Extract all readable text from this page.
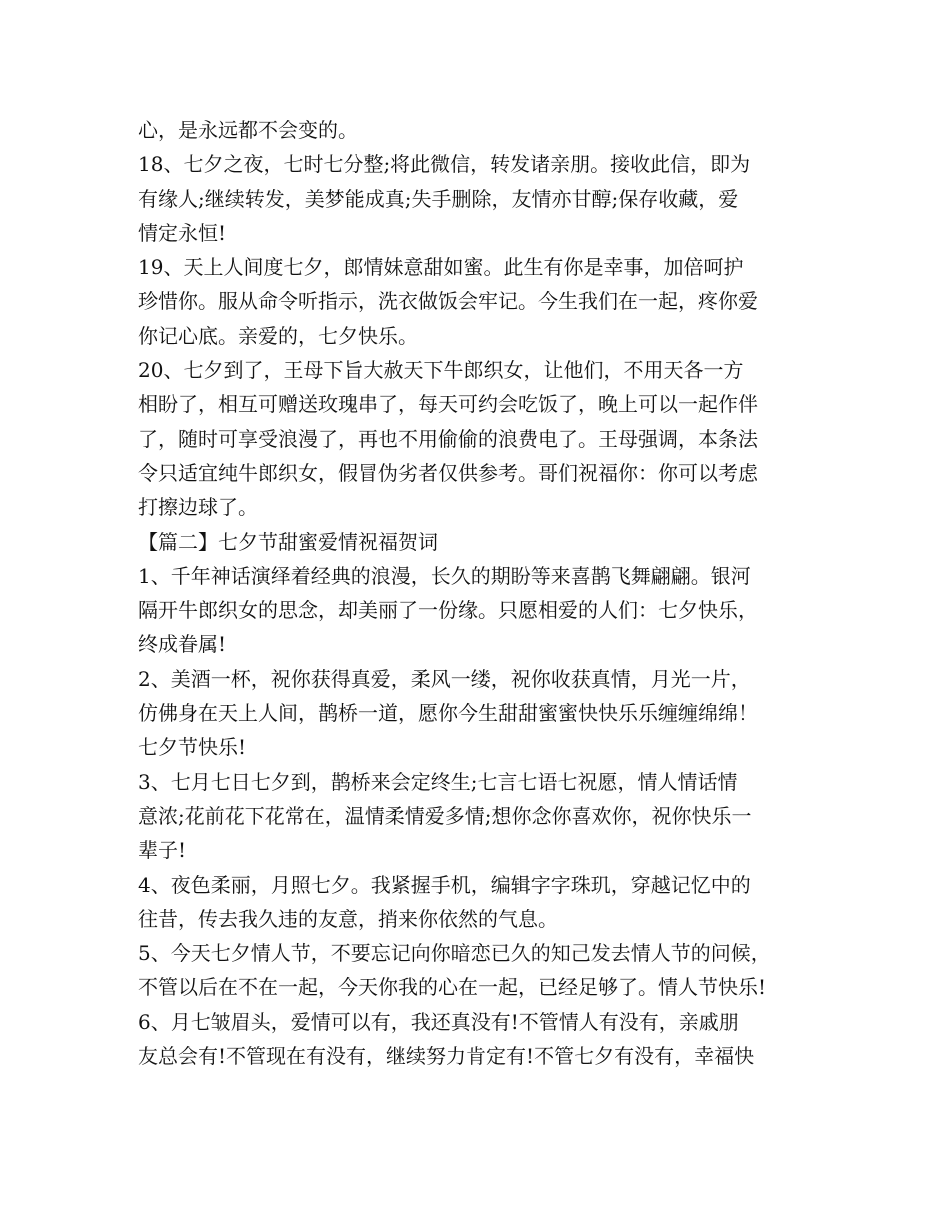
心，是永远都不会变的。

18、七夕之夜，七时七分整;将此微信，转发诸亲朋。接收此信，即为

有缘人;继续转发，美梦能成真;失手删除，友情亦甘醇;保存收藏，爱

情定永恒!

19、天上人间度七夕，郎情妹意甜如蜜。此生有你是幸事，加倍呵护

珍惜你。服从命令听指示，洗衣做饭会牢记。今生我们在一起，疼你爱

你记心底。亲爱的，七夕快乐。

20、七夕到了，王母下旨大赦天下牛郎织女，让他们，不用天各一方

相盼了，相互可赠送玫瑰串了，每天可约会吃饭了，晚上可以一起作伴

了，随时可享受浪漫了，再也不用偷偷的浪费电了。王母强调，本条法

令只适宜纯牛郎织女，假冒伪劣者仅供参考。哥们祝福你：你可以考虑

打擦边球了。

【篇二】七夕节甜蜜爱情祝福贺词

1、千年神话演绎着经典的浪漫，长久的期盼等来喜鹊飞舞翩翩。银河

隔开牛郎织女的思念，却美丽了一份缘。只愿相爱的人们：七夕快乐，

终成眷属!

2、美酒一杯，祝你获得真爱，柔风一缕，祝你收获真情，月光一片，

仿佛身在天上人间，鹊桥一道，愿你今生甜甜蜜蜜快快乐乐缠缠绵绵！

七夕节快乐!

3、七月七日七夕到，鹊桥来会定终生;七言七语七祝愿，情人情话情

意浓;花前花下花常在，温情柔情爱多情;想你念你喜欢你，祝你快乐一

辈子!

4、夜色柔丽，月照七夕。我紧握手机，编辑字字珠玑，穿越记忆中的

往昔，传去我久违的友意，捎来你依然的气息。

5、今天七夕情人节，不要忘记向你暗恋已久的知己发去情人节的问候，

不管以后在不在一起，今天你我的心在一起，已经足够了。情人节快乐!

6、月七皱眉头，爱情可以有，我还真没有!不管情人有没有，亲戚朋

友总会有!不管现在有没有，继续努力肯定有!不管七夕有没有，幸福快
